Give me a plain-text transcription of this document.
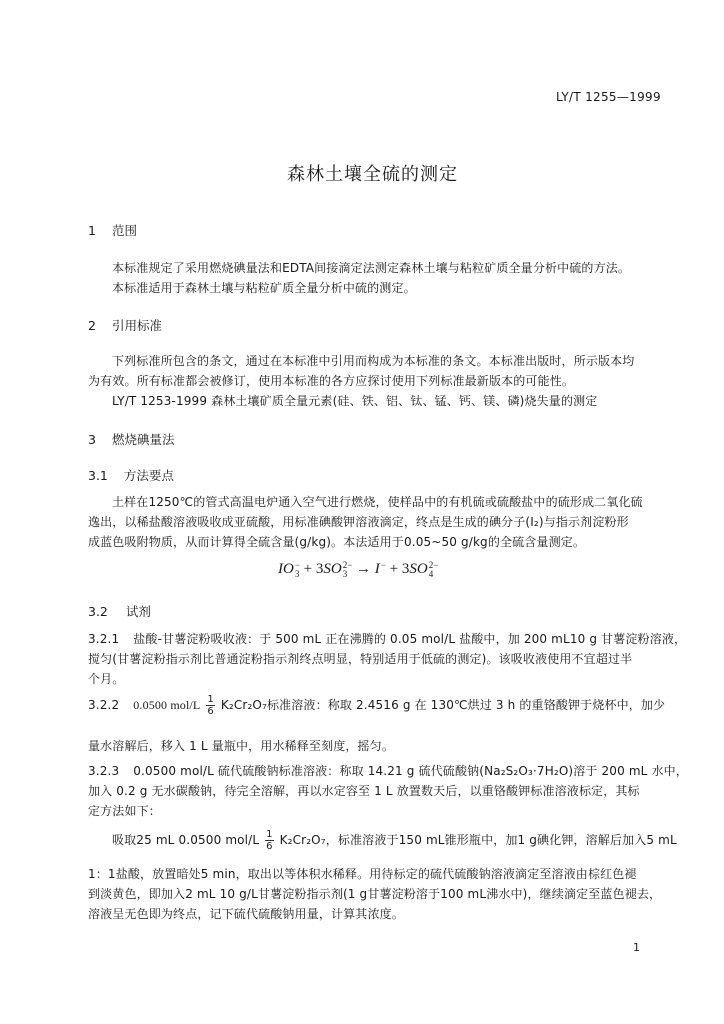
LY/T 1255—1999
森林土壤全硫的测定
1 范围
本标准规定了采用燃烧碘量法和EDTA间接滴定法测定森林土壤与粘粒矿质全量分析中硫的方法。
本标准适用于森林土壤与粘粒矿质全量分析中硫的测定。
2 引用标准
下列标准所包含的条文，通过在本标准中引用而构成为本标准的条文。本标准出版时，所示版本均
为有效。所有标准都会被修订，使用本标准的各方应探讨使用下列标准最新版本的可能性。
LY/T 1253-1999 森林土壤矿质全量元素(硅、铁、铝、钛、锰、钙、镁、磷)烧失量的测定
3 燃烧碘量法
3.1 方法要点
土样在1250℃的管式高温电炉通入空气进行燃烧，使样品中的有机硫或硫酸盐中的硫形成二氧化硫
逸出，以稀盐酸溶液吸收成亚硫酸，用标准碘酸钾溶液滴定，终点是生成的碘分子(I₂)与指示剂淀粉形
成蓝色吸附物质，从而计算得全硫含量(g/kg)。本法适用于0.05~50 g/kg的全硫含量测定。
IO −
3 + 3SO 2−
3 → I −
+ 3SO 2−
4
3.2 试剂
3.2.1 盐酸-甘薯淀粉吸收液：于 500 mL 正在沸腾的 0.05 mol/L 盐酸中，加 200 mL10 g 甘薯淀粉溶液，
搅匀(甘薯淀粉指示剂比普通淀粉指示剂终点明显，特别适用于低硫的测定)。该吸收液使用不宜超过半
个月。
3.2.2 0.0500 $mol/L \frac{1}{6} K_2Cr_2O_7$标准溶液：称取 2.4516 g 在 130℃烘过 3 h 的重铬酸钾于烧杯中，加少
量水溶解后，移入 1 L 量瓶中，用水稀释至刻度，摇匀。
3.2.3 0.0500 mol/L 硫代硫酸钠标准溶液：称取 14.21 g 硫代硫酸钠(Na₂S₂O₃·7H₂O)溶于 200 mL 水中，
加入 0.2 g 无水碳酸钠，待完全溶解，再以水定容至 1 L 放置数天后，以重铬酸钾标准溶液标定，其标
定方法如下：
吸取25 mL 0.0500 $mol/L \frac{1}{6} K_2Cr_2O_7$，标准溶液于150 mL锥形瓶中，加1 g碘化钾，溶解后加入5 mL
1：1盐酸，放置暗处5 min，取出以等体积水稀释。用待标定的硫代硫酸钠溶液滴定至溶液由棕红色褪
到淡黄色，即加入2 mL 10 g/L甘薯淀粉指示剂(1 g甘薯淀粉溶于100 mL沸水中)，继续滴定至蓝色褪去，
溶液呈无色即为终点，记下硫代硫酸钠用量，计算其浓度。
1
